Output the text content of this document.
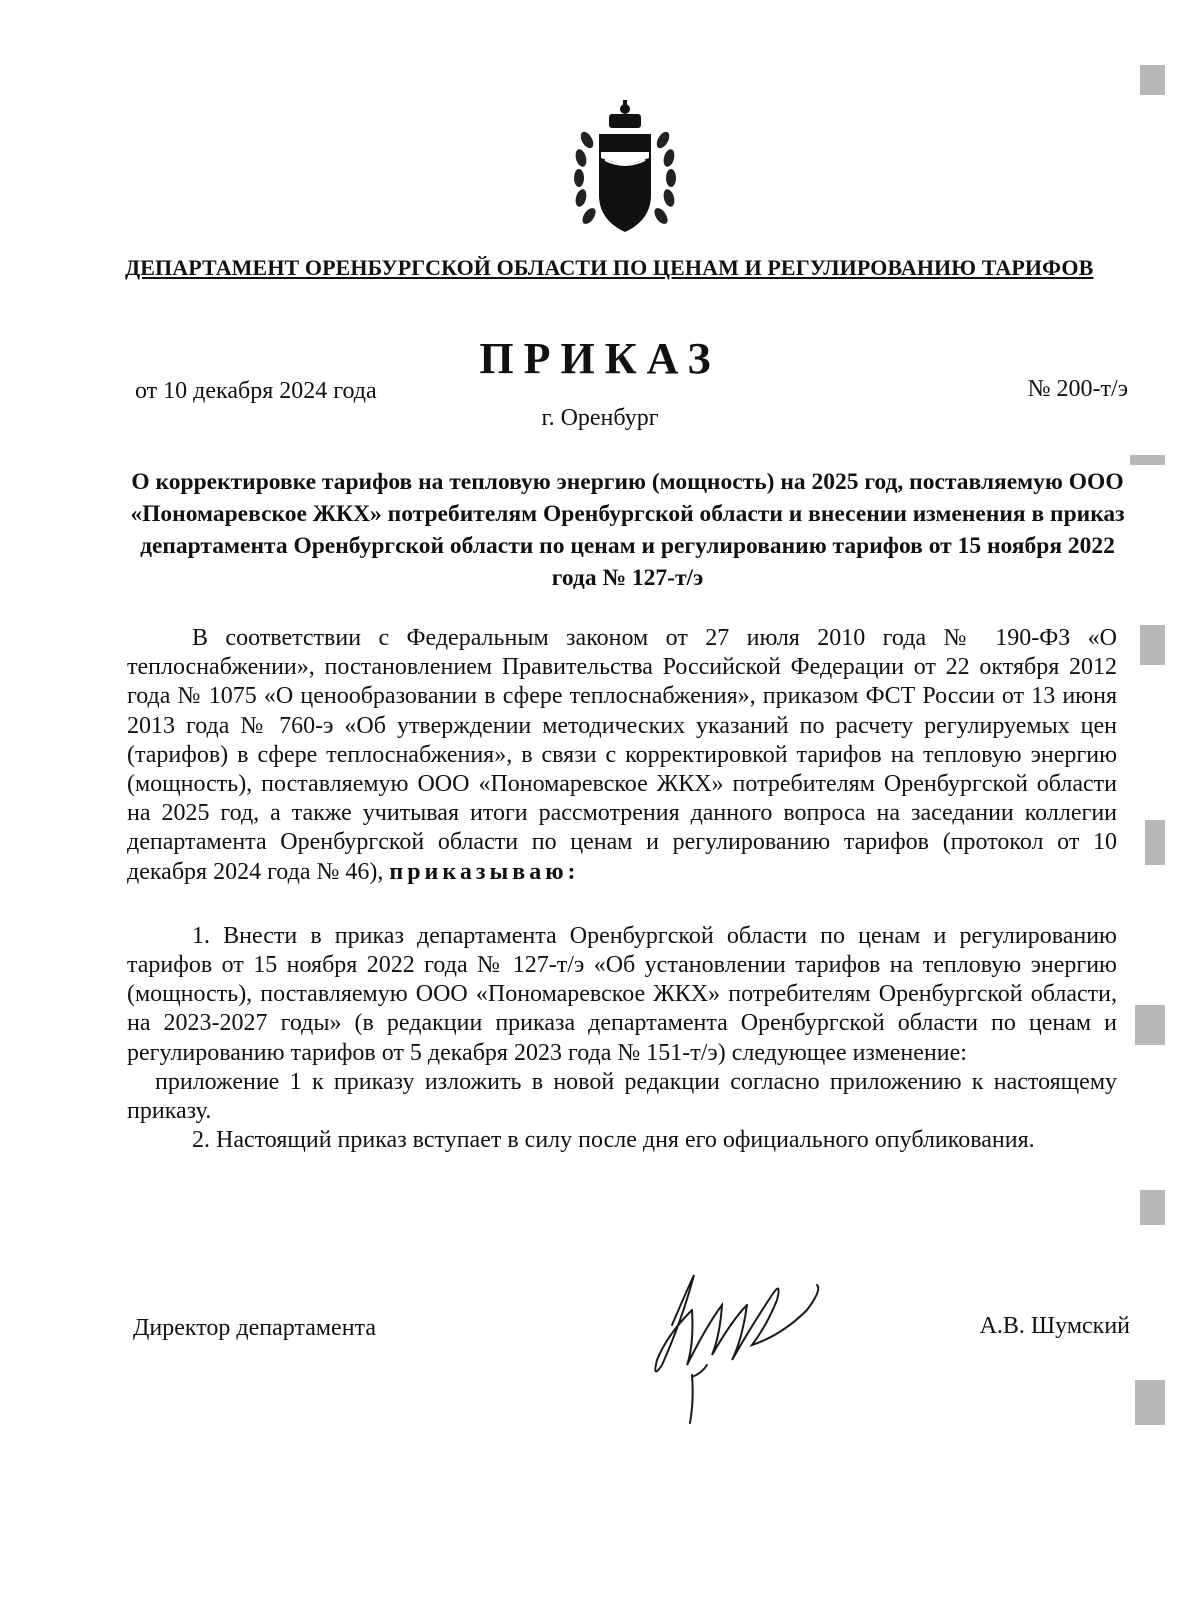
ДЕПАРТАМЕНТ ОРЕНБУРГСКОЙ ОБЛАСТИ ПО ЦЕНАМ И РЕГУЛИРОВАНИЮ ТАРИФОВ
ПРИКАЗ
от 10 декабря 2024 года	№ 200-т/э
г. Оренбург
О корректировке тарифов на тепловую энергию (мощность) на 2025 год, поставляемую ООО «Пономаревское ЖКХ» потребителям Оренбургской области и внесении изменения в приказ департамента Оренбургской области по ценам и регулированию тарифов от 15 ноября 2022 года № 127-т/э

В соответствии с Федеральным законом от 27 июля 2010 года № 190-ФЗ «О теплоснабжении», постановлением Правительства Российской Федерации от 22 октября 2012 года № 1075 «О ценообразовании в сфере теплоснабжения», приказом ФСТ России от 13 июня 2013 года № 760-э «Об утверждении методических указаний по расчету регулируемых цен (тарифов) в сфере теплоснабжения», в связи с корректировкой тарифов на тепловую энергию (мощность), поставляемую ООО «Пономаревское ЖКХ» потребителям Оренбургской области на 2025 год, а также учитывая итоги рассмотрения данного вопроса на заседании коллегии департамента Оренбургской области по ценам и регулированию тарифов (протокол от 10 декабря 2024 года № 46), приказываю:

1. Внести в приказ департамента Оренбургской области по ценам и регулированию тарифов от 15 ноября 2022 года № 127-т/э «Об установлении тарифов на тепловую энергию (мощность), поставляемую ООО «Пономаревское ЖКХ» потребителям Оренбургской области, на 2023-2027 годы» (в редакции приказа департамента Оренбургской области по ценам и регулированию тарифов от 5 декабря 2023 года № 151-т/э) следующее изменение:

приложение 1 к приказу изложить в новой редакции согласно приложению к настоящему приказу.

2. Настоящий приказ вступает в силу после дня его официального опубликования.

Директор департамента	А.В. Шумский
